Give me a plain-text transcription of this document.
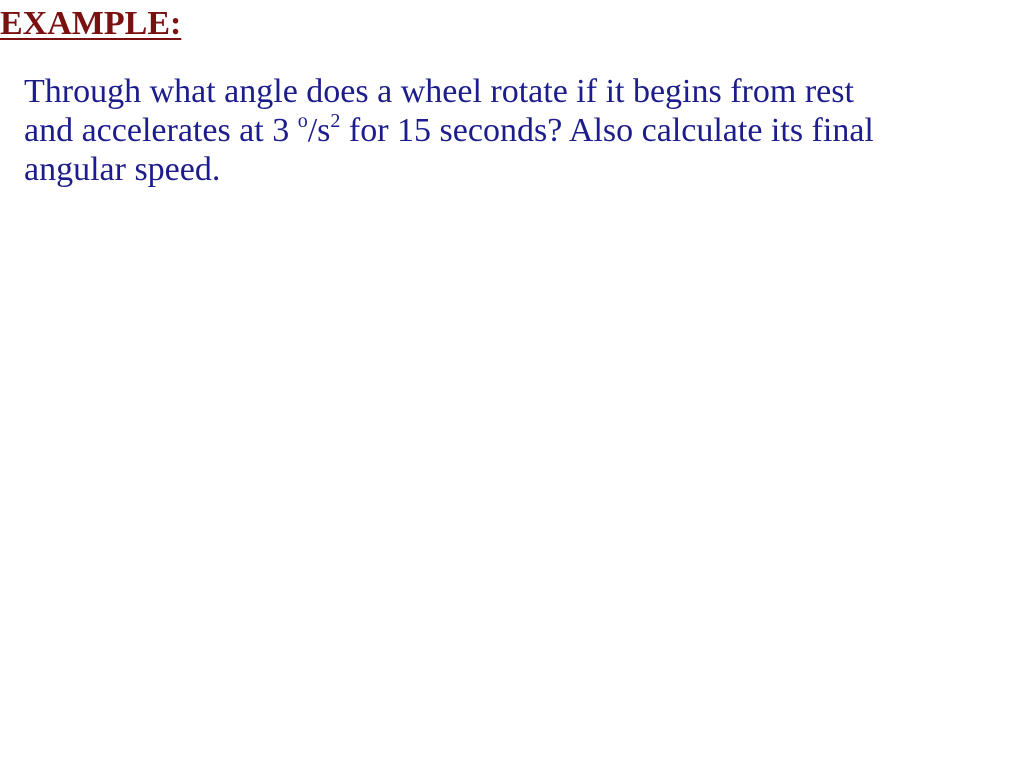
EXAMPLE:

Through what angle does a wheel rotate if it begins from rest
and accelerates at 3 $^o/s^2$ for 15 seconds? Also calculate its final
angular speed.
